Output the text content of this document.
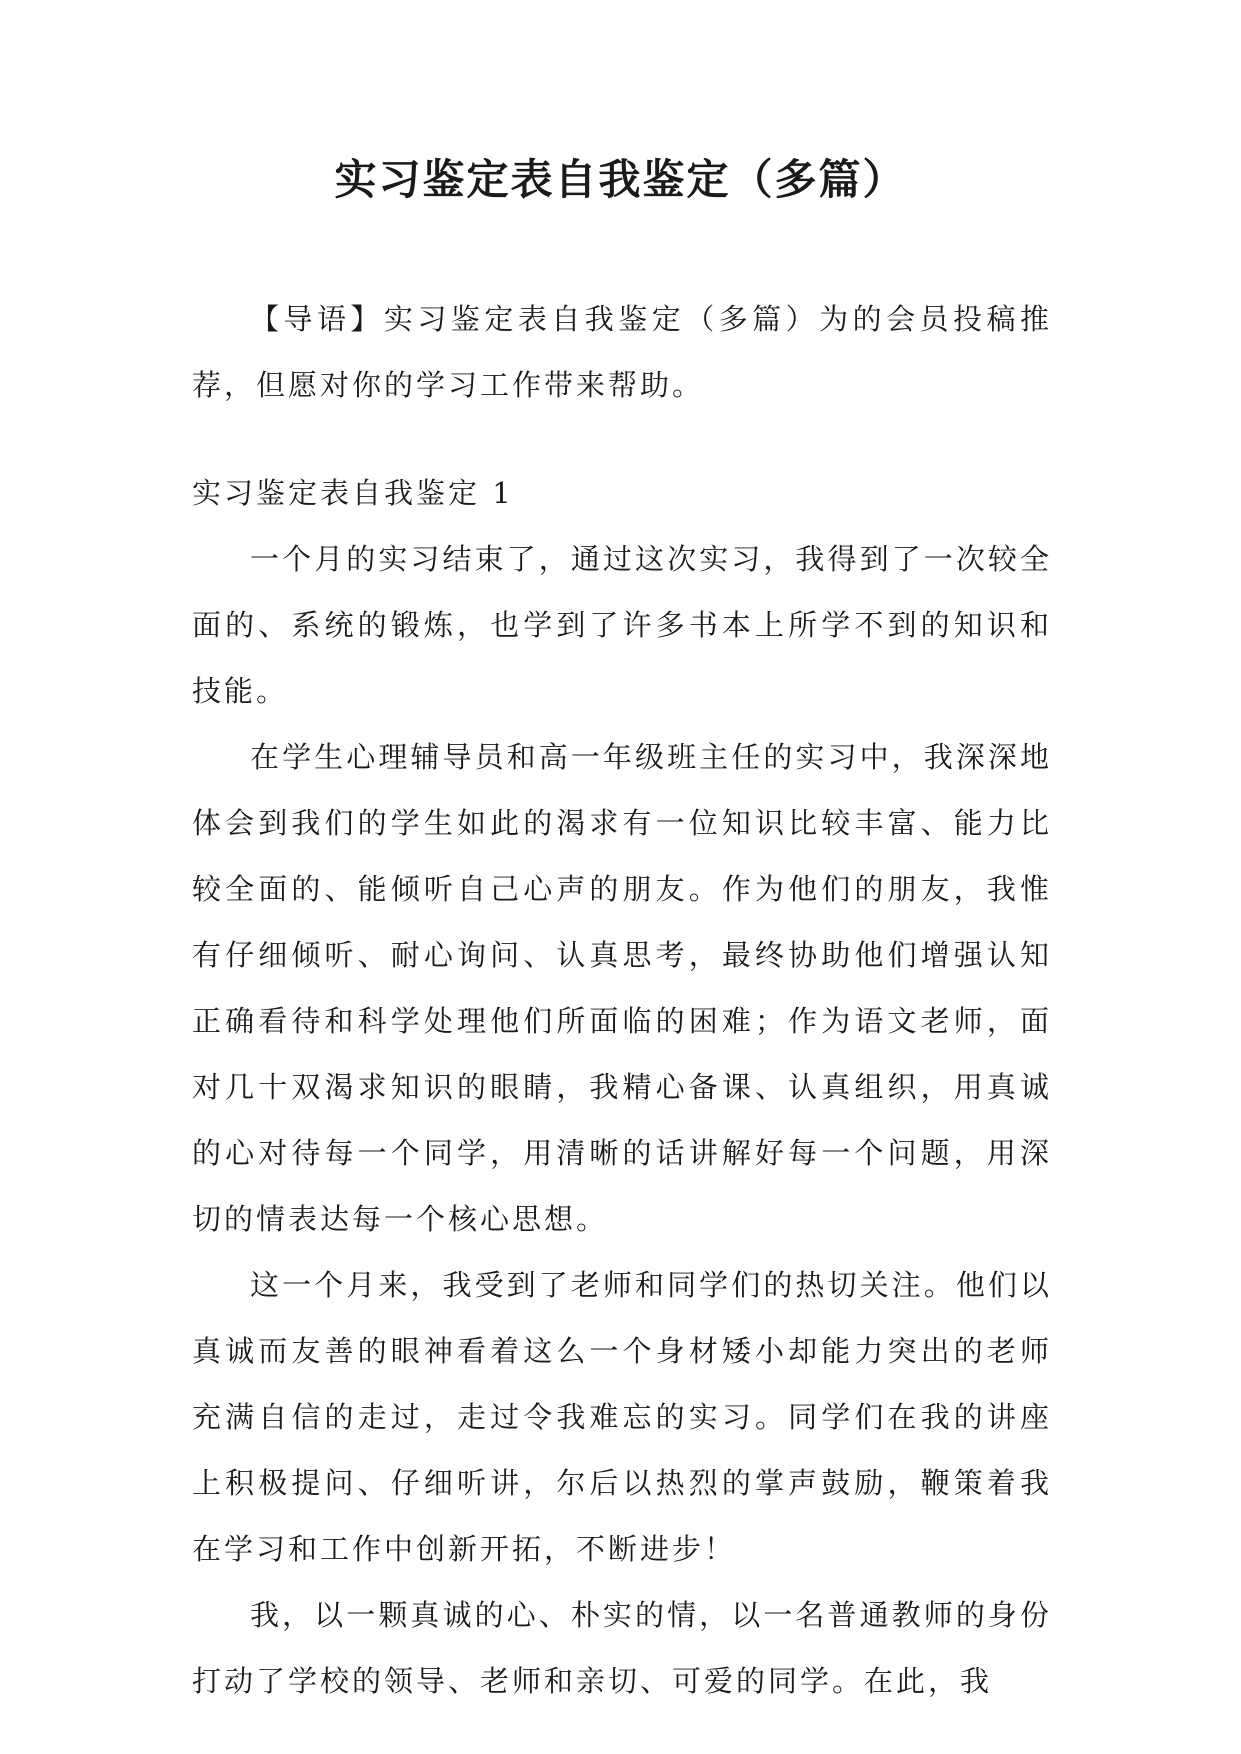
实习鉴定表自我鉴定（多篇）

【导语】实习鉴定表自我鉴定（多篇）为的会员投稿推荐，但愿对你的学习工作带来帮助。

实习鉴定表自我鉴定 1

一个月的实习结束了，通过这次实习，我得到了一次较全面的、系统的锻炼，也学到了许多书本上所学不到的知识和技能。

在学生心理辅导员和高一年级班主任的实习中，我深深地体会到我们的学生如此的渴求有一位知识比较丰富、能力比较全面的、能倾听自己心声的朋友。作为他们的朋友，我惟有仔细倾听、耐心询问、认真思考，最终协助他们增强认知正确看待和科学处理他们所面临的困难；作为语文老师，面对几十双渴求知识的眼睛，我精心备课、认真组织，用真诚的心对待每一个同学，用清晰的话讲解好每一个问题，用深切的情表达每一个核心思想。

这一个月来，我受到了老师和同学们的热切关注。他们以真诚而友善的眼神看着这么一个身材矮小却能力突出的老师充满自信的走过，走过令我难忘的实习。同学们在我的讲座上积极提问、仔细听讲，尔后以热烈的掌声鼓励，鞭策着我在学习和工作中创新开拓，不断进步！

我，以一颗真诚的心、朴实的情，以一名普通教师的身份打动了学校的领导、老师和亲切、可爱的同学。在此，我
